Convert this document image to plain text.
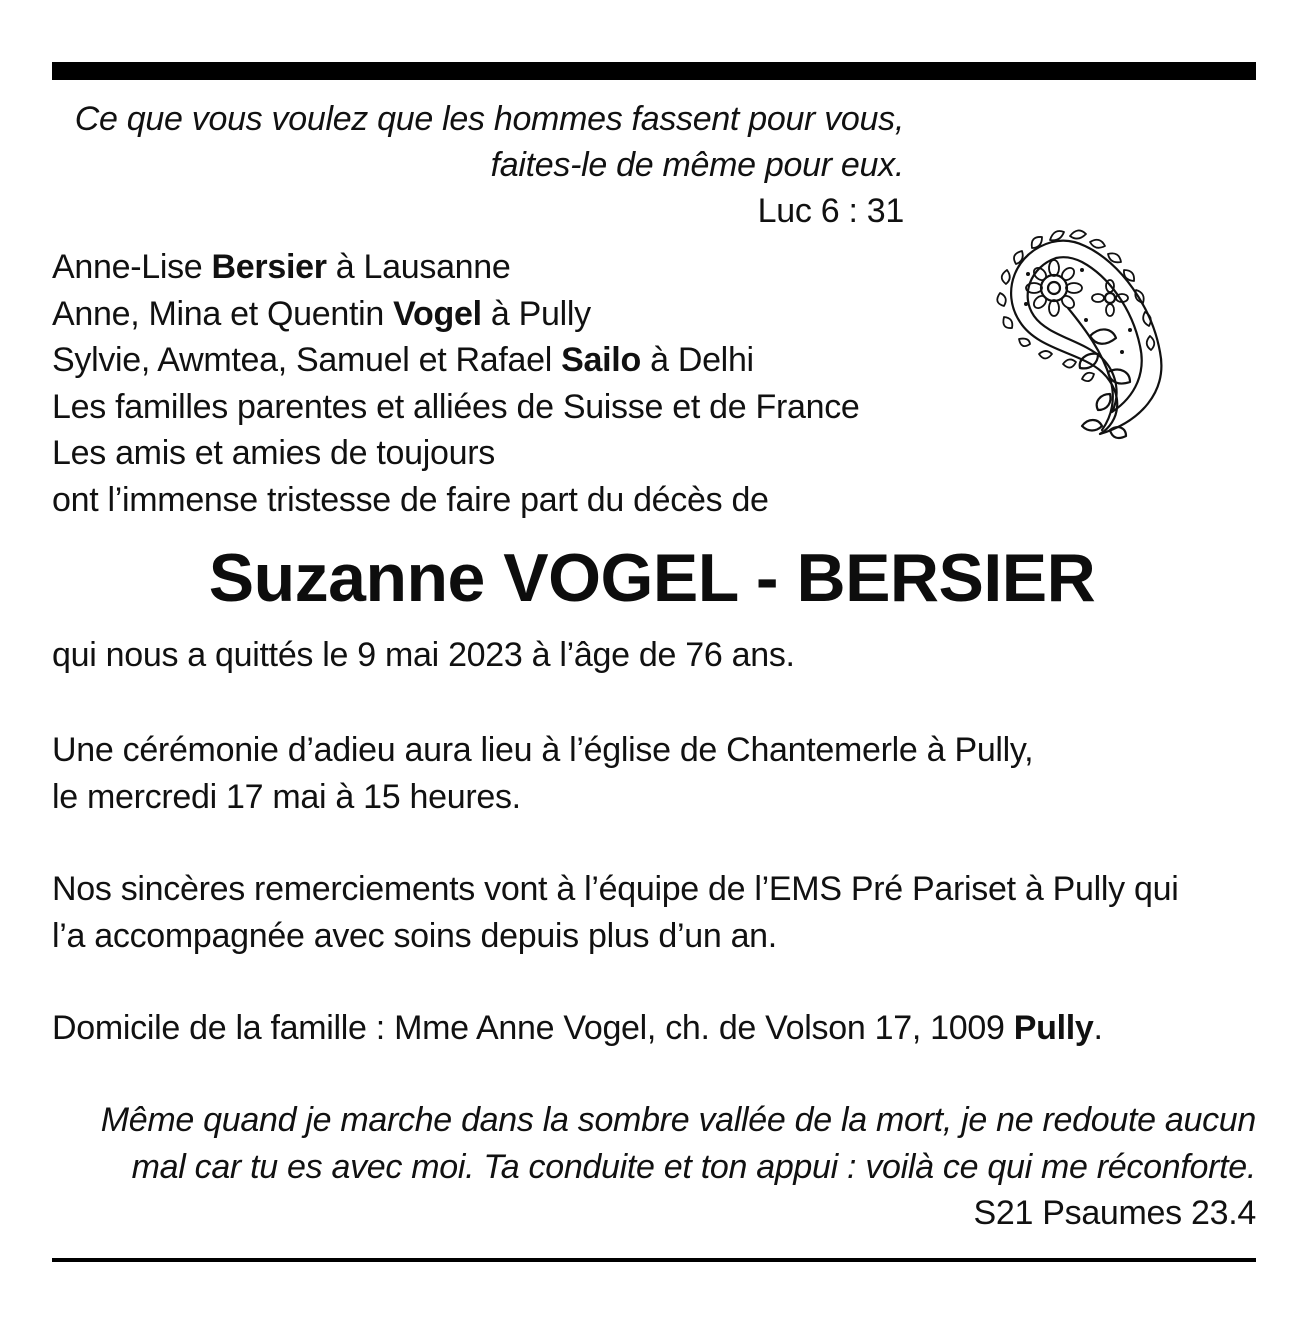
Ce que vous voulez que les hommes fassent pour vous,
faites-le de même pour eux.
Luc 6 : 31
Anne-Lise Bersier à Lausanne
Anne, Mina et Quentin Vogel à Pully
Sylvie, Awmtea, Samuel et Rafael Sailo à Delhi
Les familles parentes et alliées de Suisse et de France
Les amis et amies de toujours
ont l’immense tristesse de faire part du décès de
Suzanne VOGEL - BERSIER
qui nous a quittés le 9 mai 2023 à l’âge de 76 ans.
Une cérémonie d’adieu aura lieu à l’église de Chantemerle à Pully,
le mercredi 17 mai à 15 heures.
Nos sincères remerciements vont à l’équipe de l’EMS Pré Pariset à Pully qui
l’a accompagnée avec soins depuis plus d’un an.
Domicile de la famille : Mme Anne Vogel, ch. de Volson 17, 1009 Pully.
Même quand je marche dans la sombre vallée de la mort, je ne redoute aucun
mal car tu es avec moi. Ta conduite et ton appui : voilà ce qui me réconforte.
S21 Psaumes 23.4
